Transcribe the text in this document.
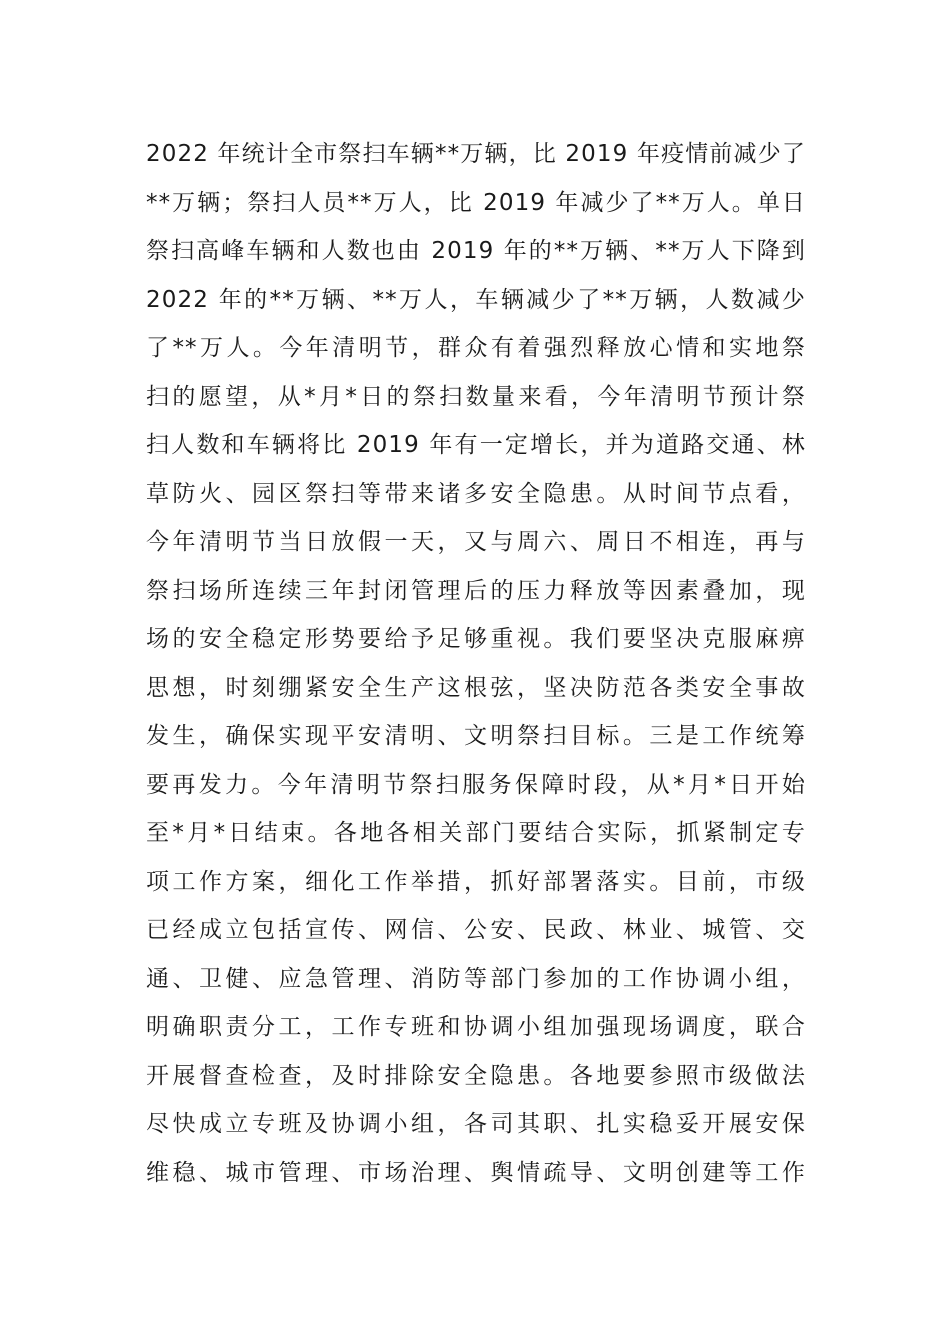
2022 年统计全市祭扫车辆**万辆，比 2019 年疫情前减少了
**万辆；祭扫人员**万人，比 2019 年减少了**万人。单日
祭扫高峰车辆和人数也由 2019 年的**万辆、**万人下降到
2022 年的**万辆、**万人，车辆减少了**万辆，人数减少
了**万人。今年清明节，群众有着强烈释放心情和实地祭
扫的愿望，从*月*日的祭扫数量来看，今年清明节预计祭
扫人数和车辆将比 2019 年有一定增长，并为道路交通、林
草防火、园区祭扫等带来诸多安全隐患。从时间节点看，
今年清明节当日放假一天，又与周六、周日不相连，再与
祭扫场所连续三年封闭管理后的压力释放等因素叠加，现
场的安全稳定形势要给予足够重视。我们要坚决克服麻痹
思想，时刻绷紧安全生产这根弦，坚决防范各类安全事故
发生，确保实现平安清明、文明祭扫目标。三是工作统筹
要再发力。今年清明节祭扫服务保障时段，从*月*日开始
至*月*日结束。各地各相关部门要结合实际，抓紧制定专
项工作方案，细化工作举措，抓好部署落实。目前，市级
已经成立包括宣传、网信、公安、民政、林业、城管、交
通、卫健、应急管理、消防等部门参加的工作协调小组，
明确职责分工，工作专班和协调小组加强现场调度，联合
开展督查检查，及时排除安全隐患。各地要参照市级做法
尽快成立专班及协调小组，各司其职、扎实稳妥开展安保
维稳、城市管理、市场治理、舆情疏导、文明创建等工作
